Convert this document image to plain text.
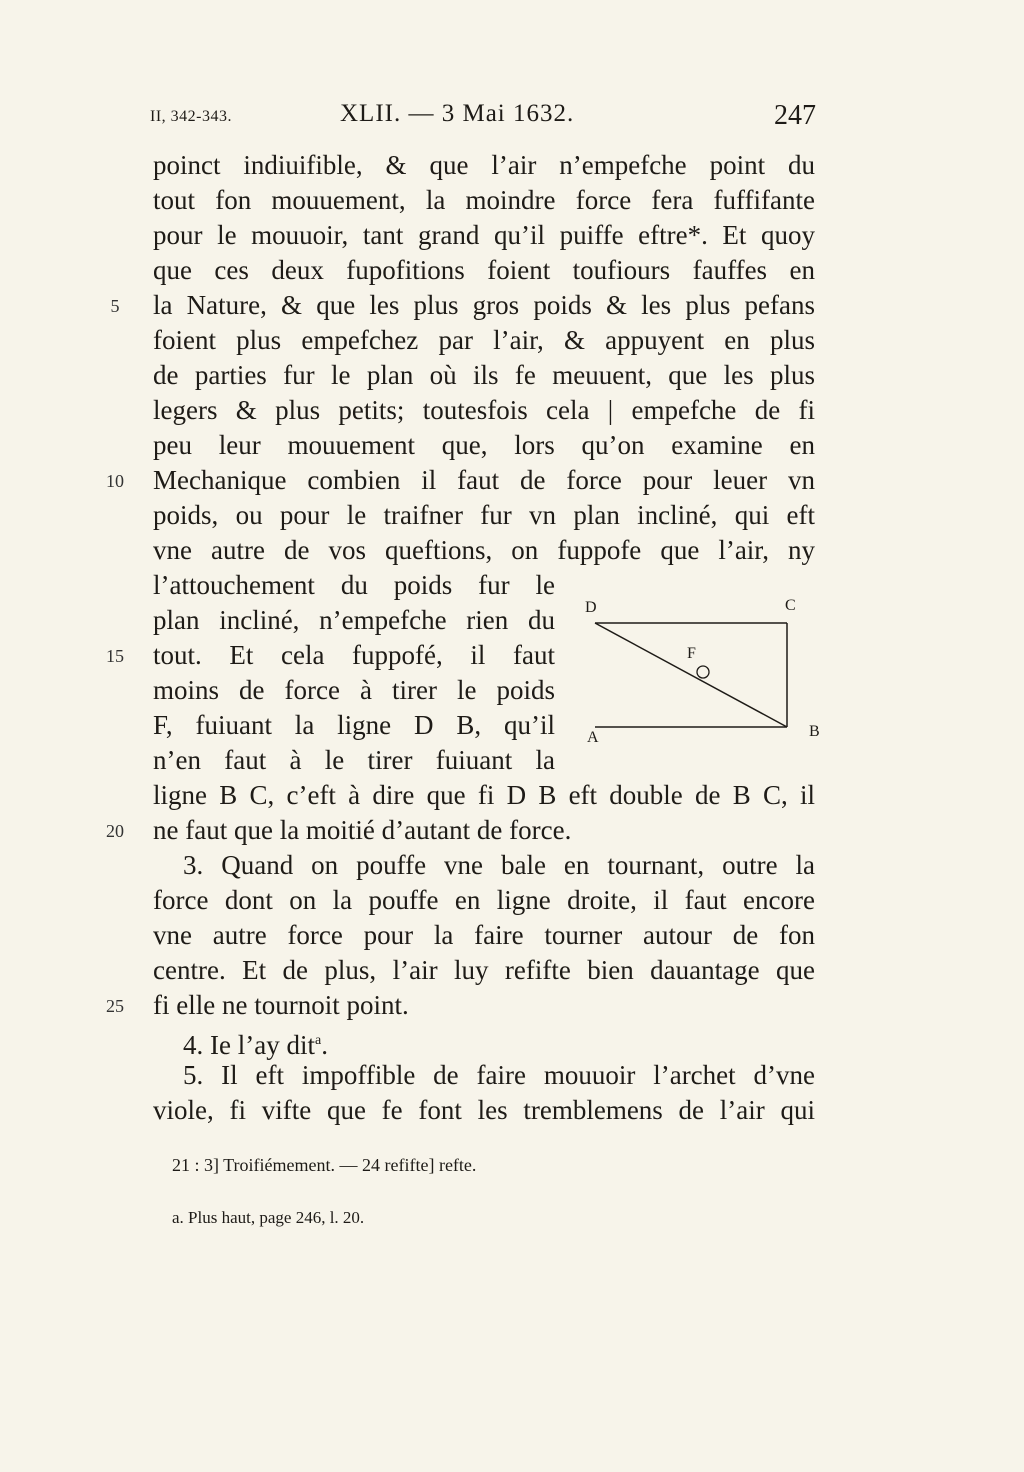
II, 342-343.	XLII. — 3 Mai 1632.	247
poinct indiuifible, & que l’air n’empefche point du
tout fon mouuement, la moindre force fera fuffifante
pour le mouuoir, tant grand qu’il puiffe eftre*. Et quoy
que ces deux fupofitions foient toufiours fauffes en
la Nature, & que les plus gros poids & les plus pefans
foient plus empefchez par l’air, & appuyent en plus
de parties fur le plan où ils fe meuuent, que les plus
legers & plus petits; toutesfois cela | empefche de fi
peu leur mouuement que, lors qu’on examine en
Mechanique combien il faut de force pour leuer vn
poids, ou pour le traifner fur vn plan incliné, qui eft
vne autre de vos queftions, on fuppofe que l’air, ny
l’attouchement du poids fur le
plan incliné, n’empefche rien du
tout. Et cela fuppofé, il faut
moins de force à tirer le poids
F, fuiuant la ligne D B, qu’il
n’en faut à le tirer fuiuant la
ligne B C, c’eft à dire que fi D B eft double de B C, il
ne faut que la moitié d’autant de force.
3. Quand on pouffe vne bale en tournant, outre la
force dont on la pouffe en ligne droite, il faut encore
vne autre force pour la faire tourner autour de fon
centre. Et de plus, l’air luy refifte bien dauantage que
fi elle ne tournoit point.
4. Ie l’ay dit$^a$.
5. Il eft impoffible de faire mouuoir l’archet d’vne
viole, fi vifte que fe font les tremblemens de l’air qui
5
10
15
20
25
D	C
F
A	B
21 : 3] Troifiémement. — 24 refifte] refte.
a. Plus haut, page 246, l. 20.
